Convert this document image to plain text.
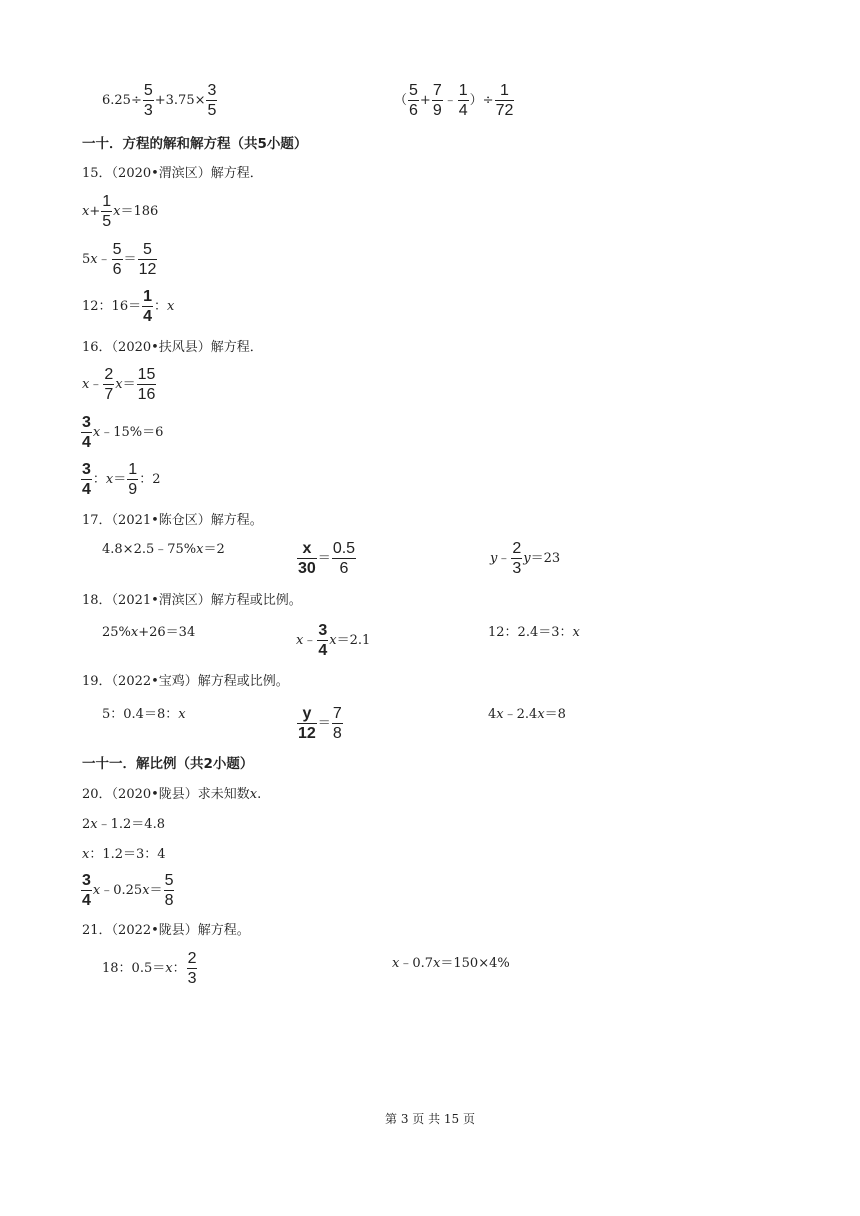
$6.25\div \frac{5}{3} +3.75\times \frac{3}{5}$	（ $\frac{5}{6} + \frac{7}{9}$ ﹣ $\frac{1}{4}$ ）÷ $\frac{1}{72}$
一十．方程的解和解方程（共5小题）
15．（2020•渭滨区）解方程．
$x + \frac{1}{5}$ x ＝186
5 x ﹣ $\frac{5}{6} = \frac{5}{12}$
12：$16= \frac{1}{4}$ ： x
16．（2020•扶风县）解方程．
x ﹣ $\frac{2}{7}$ $x = \frac{15}{16}$
$\frac{3}{4}$ x ﹣15%＝6
$\frac{3}{4}$ ： $x = \frac{1}{9}$ ：2
17．（2021•陈仓区）解方程。
4.8×2.5﹣75% x ＝2	$\frac{x}{30} = \frac{0.5}{6}$	y ﹣ $\frac{2}{3}$ y ＝23
18．（2021•渭滨区）解方程或比例。
25% x +26＝34
x ﹣ $\frac{3}{4}$ x ＝2.1
12：2.4＝3： x
19．（2022•宝鸡）解方程或比例。
5：0.4＝8： x	$\frac{y}{12} = \frac{7}{8}$	4 x ﹣2.4 x ＝8
一十一．解比例（共2小题）
20．（2020•陇县）求未知数 x .
2 x ﹣1.2＝4.8
x ：1.2＝3：4
$\frac{3}{4}$ x ﹣0.25 $x = \frac{5}{8}$
21．（2022•陇县）解方程。
18：0.5＝ x ： $\frac{2}{3}$	x ﹣0.7 x ＝150×4%
第 3 页 共 15 页
